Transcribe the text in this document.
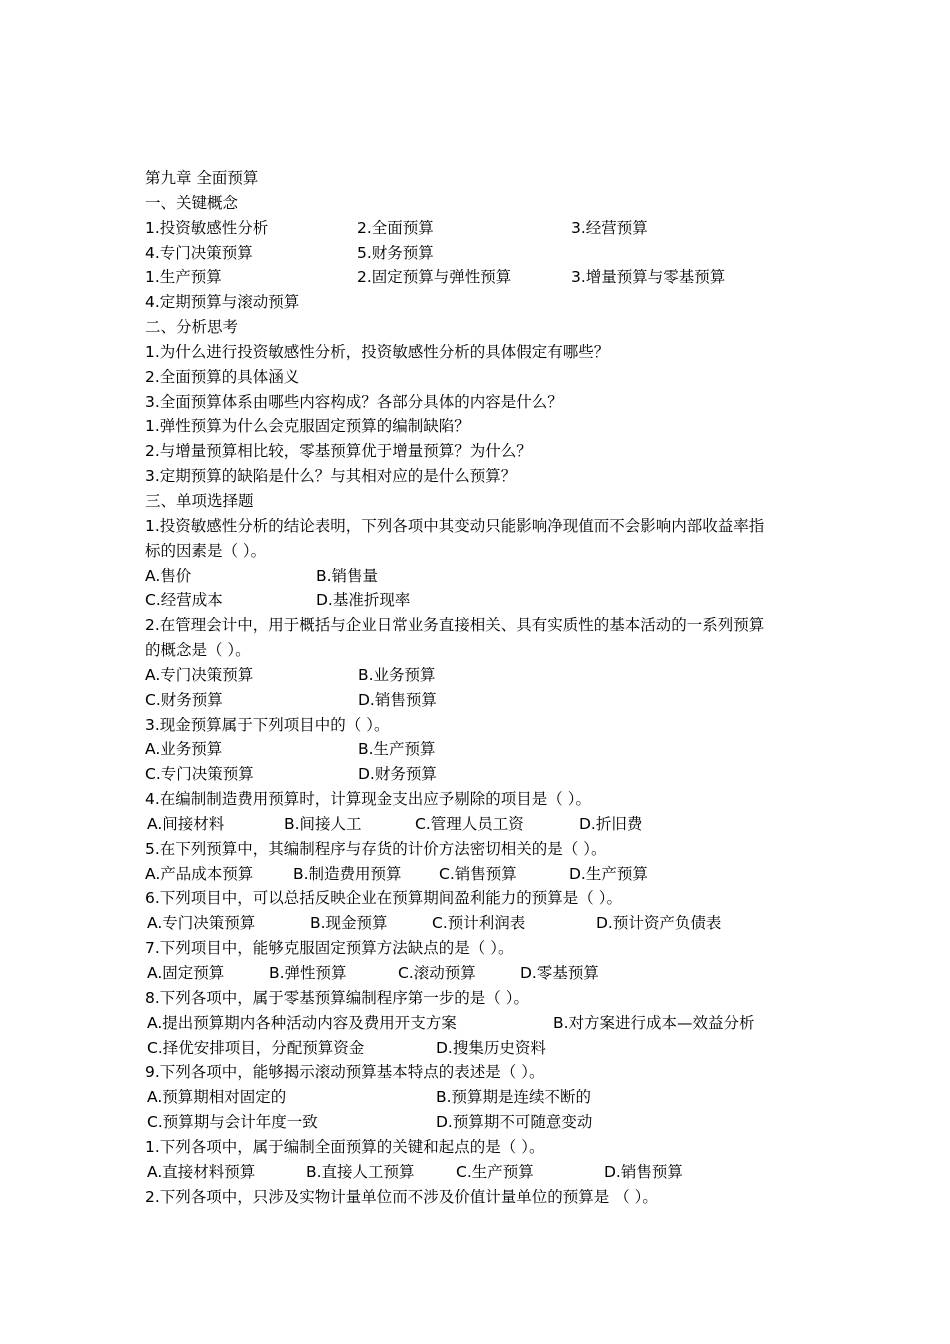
第九章 全面预算
一、关键概念
1.投资敏感性分析	2.全面预算	3.经营预算
4.专门决策预算	5.财务预算
1.生产预算	2.固定预算与弹性预算	3.增量预算与零基预算
4.定期预算与滚动预算
二、分析思考
1.为什么进行投资敏感性分析，投资敏感性分析的具体假定有哪些？
2.全面预算的具体涵义
3.全面预算体系由哪些内容构成？各部分具体的内容是什么？
1.弹性预算为什么会克服固定预算的编制缺陷？
2.与增量预算相比较，零基预算优于增量预算？为什么？
3.定期预算的缺陷是什么？与其相对应的是什么预算？
三、单项选择题
1.投资敏感性分析的结论表明，下列各项中其变动只能影响净现值而不会影响内部收益率指
标的因素是（ ）。
A.售价	B.销售量
C.经营成本	D.基准折现率
2.在管理会计中，用于概括与企业日常业务直接相关、具有实质性的基本活动的一系列预算
的概念是（ ）。
A.专门决策预算	B.业务预算
C.财务预算	D.销售预算
3.现金预算属于下列项目中的（ ）。
A.业务预算	B.生产预算
C.专门决策预算	D.财务预算
4.在编制制造费用预算时，计算现金支出应予剔除的项目是（ ）。
A.间接材料	B.间接人工	C.管理人员工资	D.折旧费
5.在下列预算中，其编制程序与存货的计价方法密切相关的是（ ）。
A.产品成本预算	B.制造费用预算 C.销售预算	D.生产预算
6.下列项目中，可以总括反映企业在预算期间盈利能力的预算是（ ）。
A.专门决策预算	B.现金预算	C.预计利润表	D.预计资产负债表
7.下列项目中，能够克服固定预算方法缺点的是（ ）。
A.固定预算	B.弹性预算	C.滚动预算	D.零基预算
8.下列各项中，属于零基预算编制程序第一步的是（ ）。
A.提出预算期内各种活动内容及费用开支方案	B.对方案进行成本—效益分析
C.择优安排项目，分配预算资金	D.搜集历史资料
9.下列各项中，能够揭示滚动预算基本特点的表述是（ ）。
A.预算期相对固定的	B.预算期是连续不断的
C.预算期与会计年度一致	D.预算期不可随意变动
1.下列各项中，属于编制全面预算的关键和起点的是（ ）。
A.直接材料预算	B.直接人工预算	C.生产预算	D.销售预算
2.下列各项中，只涉及实物计量单位而不涉及价值计量单位的预算是 （ ）。
